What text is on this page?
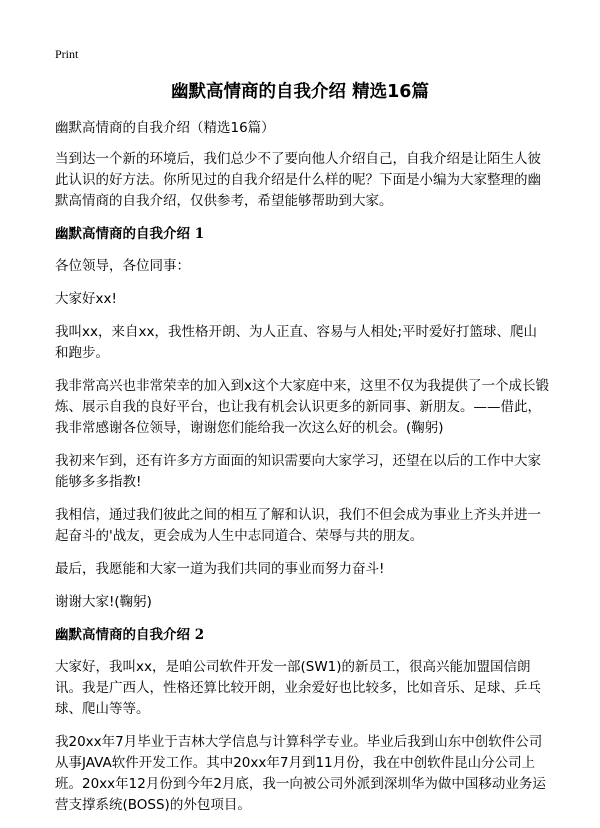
Print
幽默高情商的自我介绍 精选16篇

幽默高情商的自我介绍（精选16篇）

当到达一个新的环境后，我们总少不了要向他人介绍自己，自我介绍是让陌生人彼此认识的好方法。你所见过的自我介绍是什么样的呢？下面是小编为大家整理的幽默高情商的自我介绍，仅供参考，希望能够帮助到大家。

幽默高情商的自我介绍 1

各位领导，各位同事：

大家好xx!

我叫xx，来自xx，我性格开朗、为人正直、容易与人相处;平时爱好打篮球、爬山和跑步。

我非常高兴也非常荣幸的加入到x这个大家庭中来，这里不仅为我提供了一个成长锻炼、展示自我的良好平台，也让我有机会认识更多的新同事、新朋友。——借此，我非常感谢各位领导，谢谢您们能给我一次这么好的机会。(鞠躬)

我初来乍到，还有许多方方面面的知识需要向大家学习，还望在以后的工作中大家能够多多指教!

我相信，通过我们彼此之间的相互了解和认识，我们不但会成为事业上齐头并进一起奋斗的'战友，更会成为人生中志同道合、荣辱与共的朋友。

最后，我愿能和大家一道为我们共同的事业而努力奋斗!

谢谢大家!(鞠躬)

幽默高情商的自我介绍 2

大家好，我叫xx，是咱公司软件开发一部(SW1)的新员工，很高兴能加盟国信朗讯。我是广西人，性格还算比较开朗，业余爱好也比较多，比如音乐、足球、乒乓球、爬山等等。

我20xx年7月毕业于吉林大学信息与计算科学专业。毕业后我到山东中创软件公司从事JAVA软件开发工作。其中20xx年7月到11月份，我在中创软件昆山分公司上班。20xx年12月份到今年2月底，我一向被公司外派到深圳华为做中国移动业务运营支撑系统(BOSS)的外包项目。
